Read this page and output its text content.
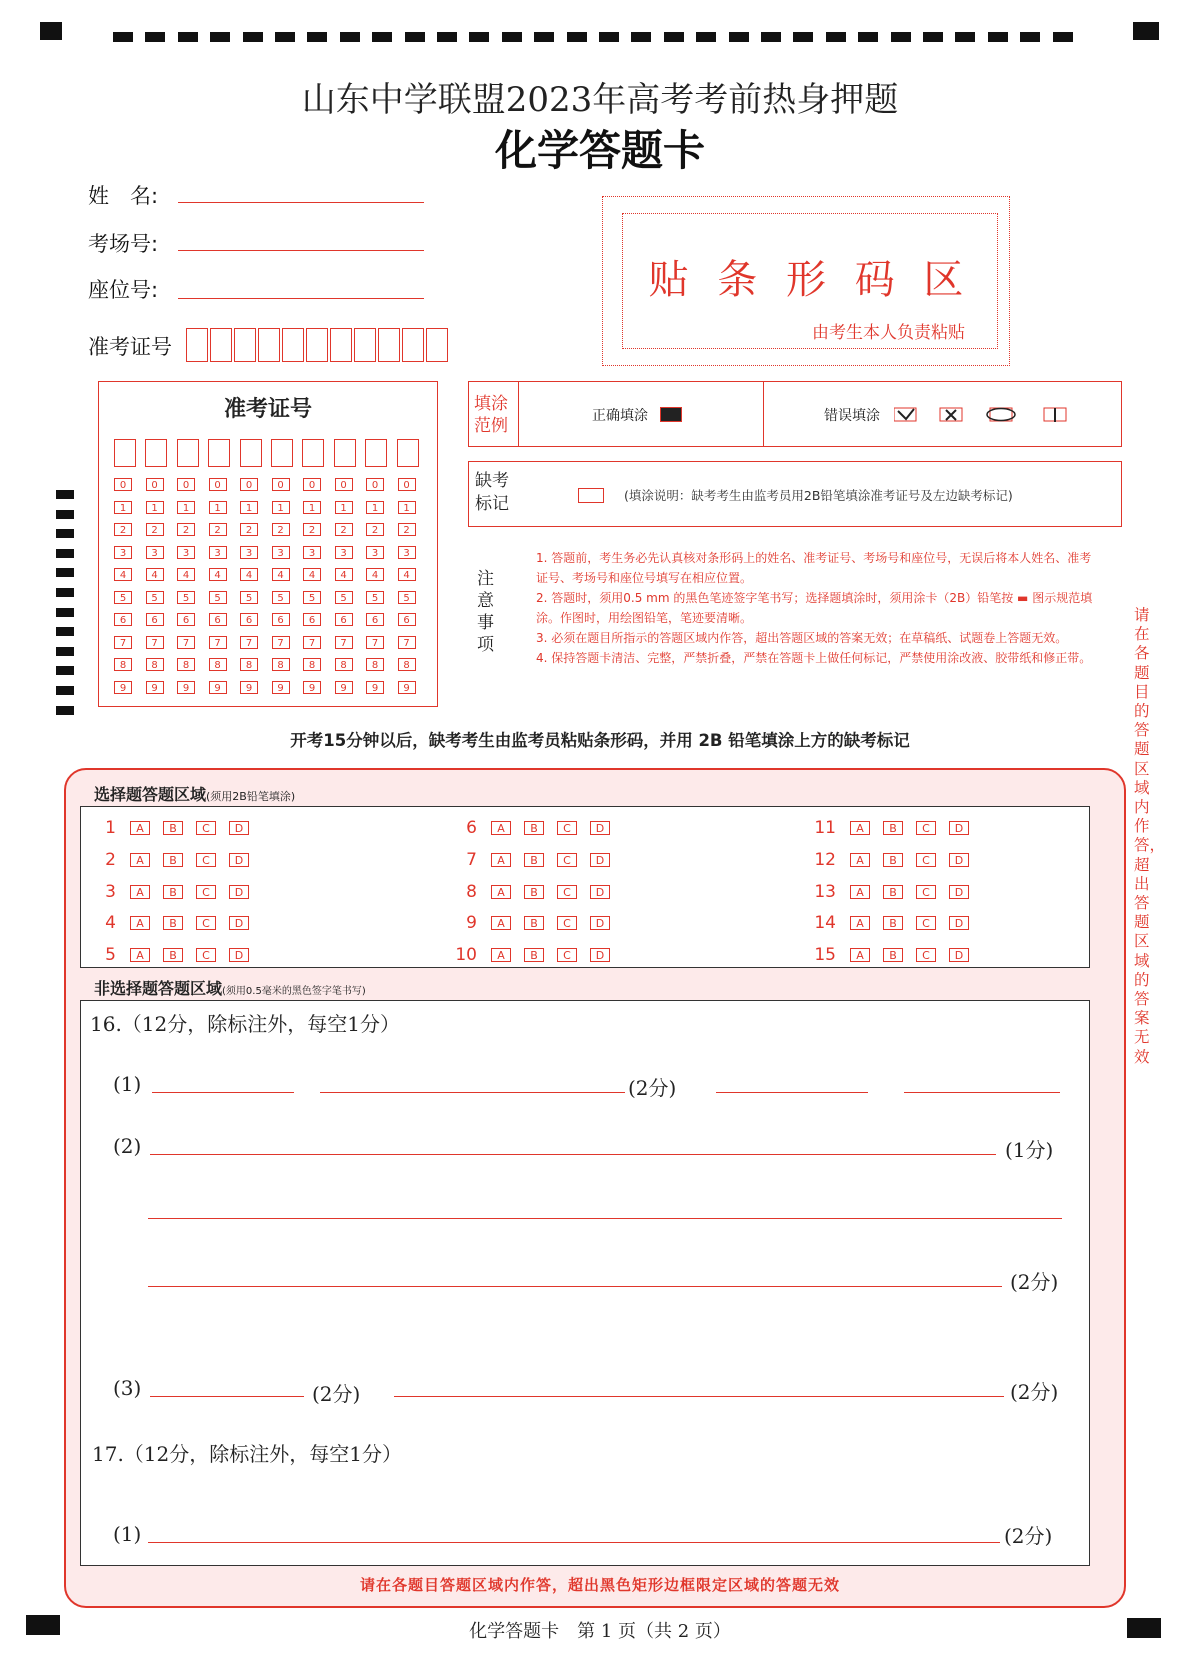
山东中学联盟2023年高考考前热身押题
化学答题卡
姓　名:
考场号:
座位号:
准考证号
贴 条 形 码 区
由考生本人负责粘贴
准考证号
0	0	0	0	0	0	0	0	0	0
1	1	1	1	1	1	1	1	1	1
2	2	2	2	2	2	2	2	2	2
3	3	3	3	3	3	3	3	3	3
4	4	4	4	4	4	4	4	4	4
5	5	5	5	5	5	5	5	5	5
6	6	6	6	6	6	6	6	6	6
7	7	7	7	7	7	7	7	7	7
8	8	8	8	8	8	8	8	8	8
9	9	9	9	9	9	9	9	9	9
填涂
范例	正确填涂	错误填涂
缺考
标记	(填涂说明：缺考考生由监考员用2B铅笔填涂准考证号及左边缺考标记)
注
意
事
项
1. 答题前，考生务必先认真核对条形码上的姓名、准考证号、考场号和座位号，无误后将本人姓名、准考证号、考场号和座位号填写在相应位置。
2. 答题时，须用0.5 mm 的黑色笔迹签字笔书写；选择题填涂时，须用涂卡（2B）铅笔按 ▬ 图示规范填涂。作图时，用绘图铅笔，笔迹要清晰。
3. 必须在题目所指示的答题区域内作答，超出答题区域的答案无效；在草稿纸、试题卷上答题无效。
4. 保持答题卡清洁、完整，严禁折叠，严禁在答题卡上做任何标记，严禁使用涂改液、胶带纸和修正带。
开考15分钟以后，缺考考生由监考员粘贴条形码，并用 2B 铅笔填涂上方的缺考标记
请在各题目的答题区域内作答，超出答题区域的答案无效
选择题答题区域(须用2B铅笔填涂)
1	A	B	C	D
2	A	B	C	D
3	A	B	C	D
4	A	B	C	D
5	A	B	C	D
6	A	B	C	D
7	A	B	C	D
8	A	B	C	D
9	A	B	C	D
10	A	B	C	D
11	A	B	C	D
12	A	B	C	D
13	A	B	C	D
14	A	B	C	D
15	A	B	C	D
非选择题答题区域(须用0.5毫米的黑色签字笔书写)
16.（12分，除标注外，每空1分）
(1)	(2分)
(2)	(1分)
(2分)
(3)	(2分)	(2分)
17.（12分，除标注外，每空1分）
(1)	(2分)
请在各题目答题区域内作答，超出黑色矩形边框限定区域的答题无效
化学答题卡　第 1 页（共 2 页）
